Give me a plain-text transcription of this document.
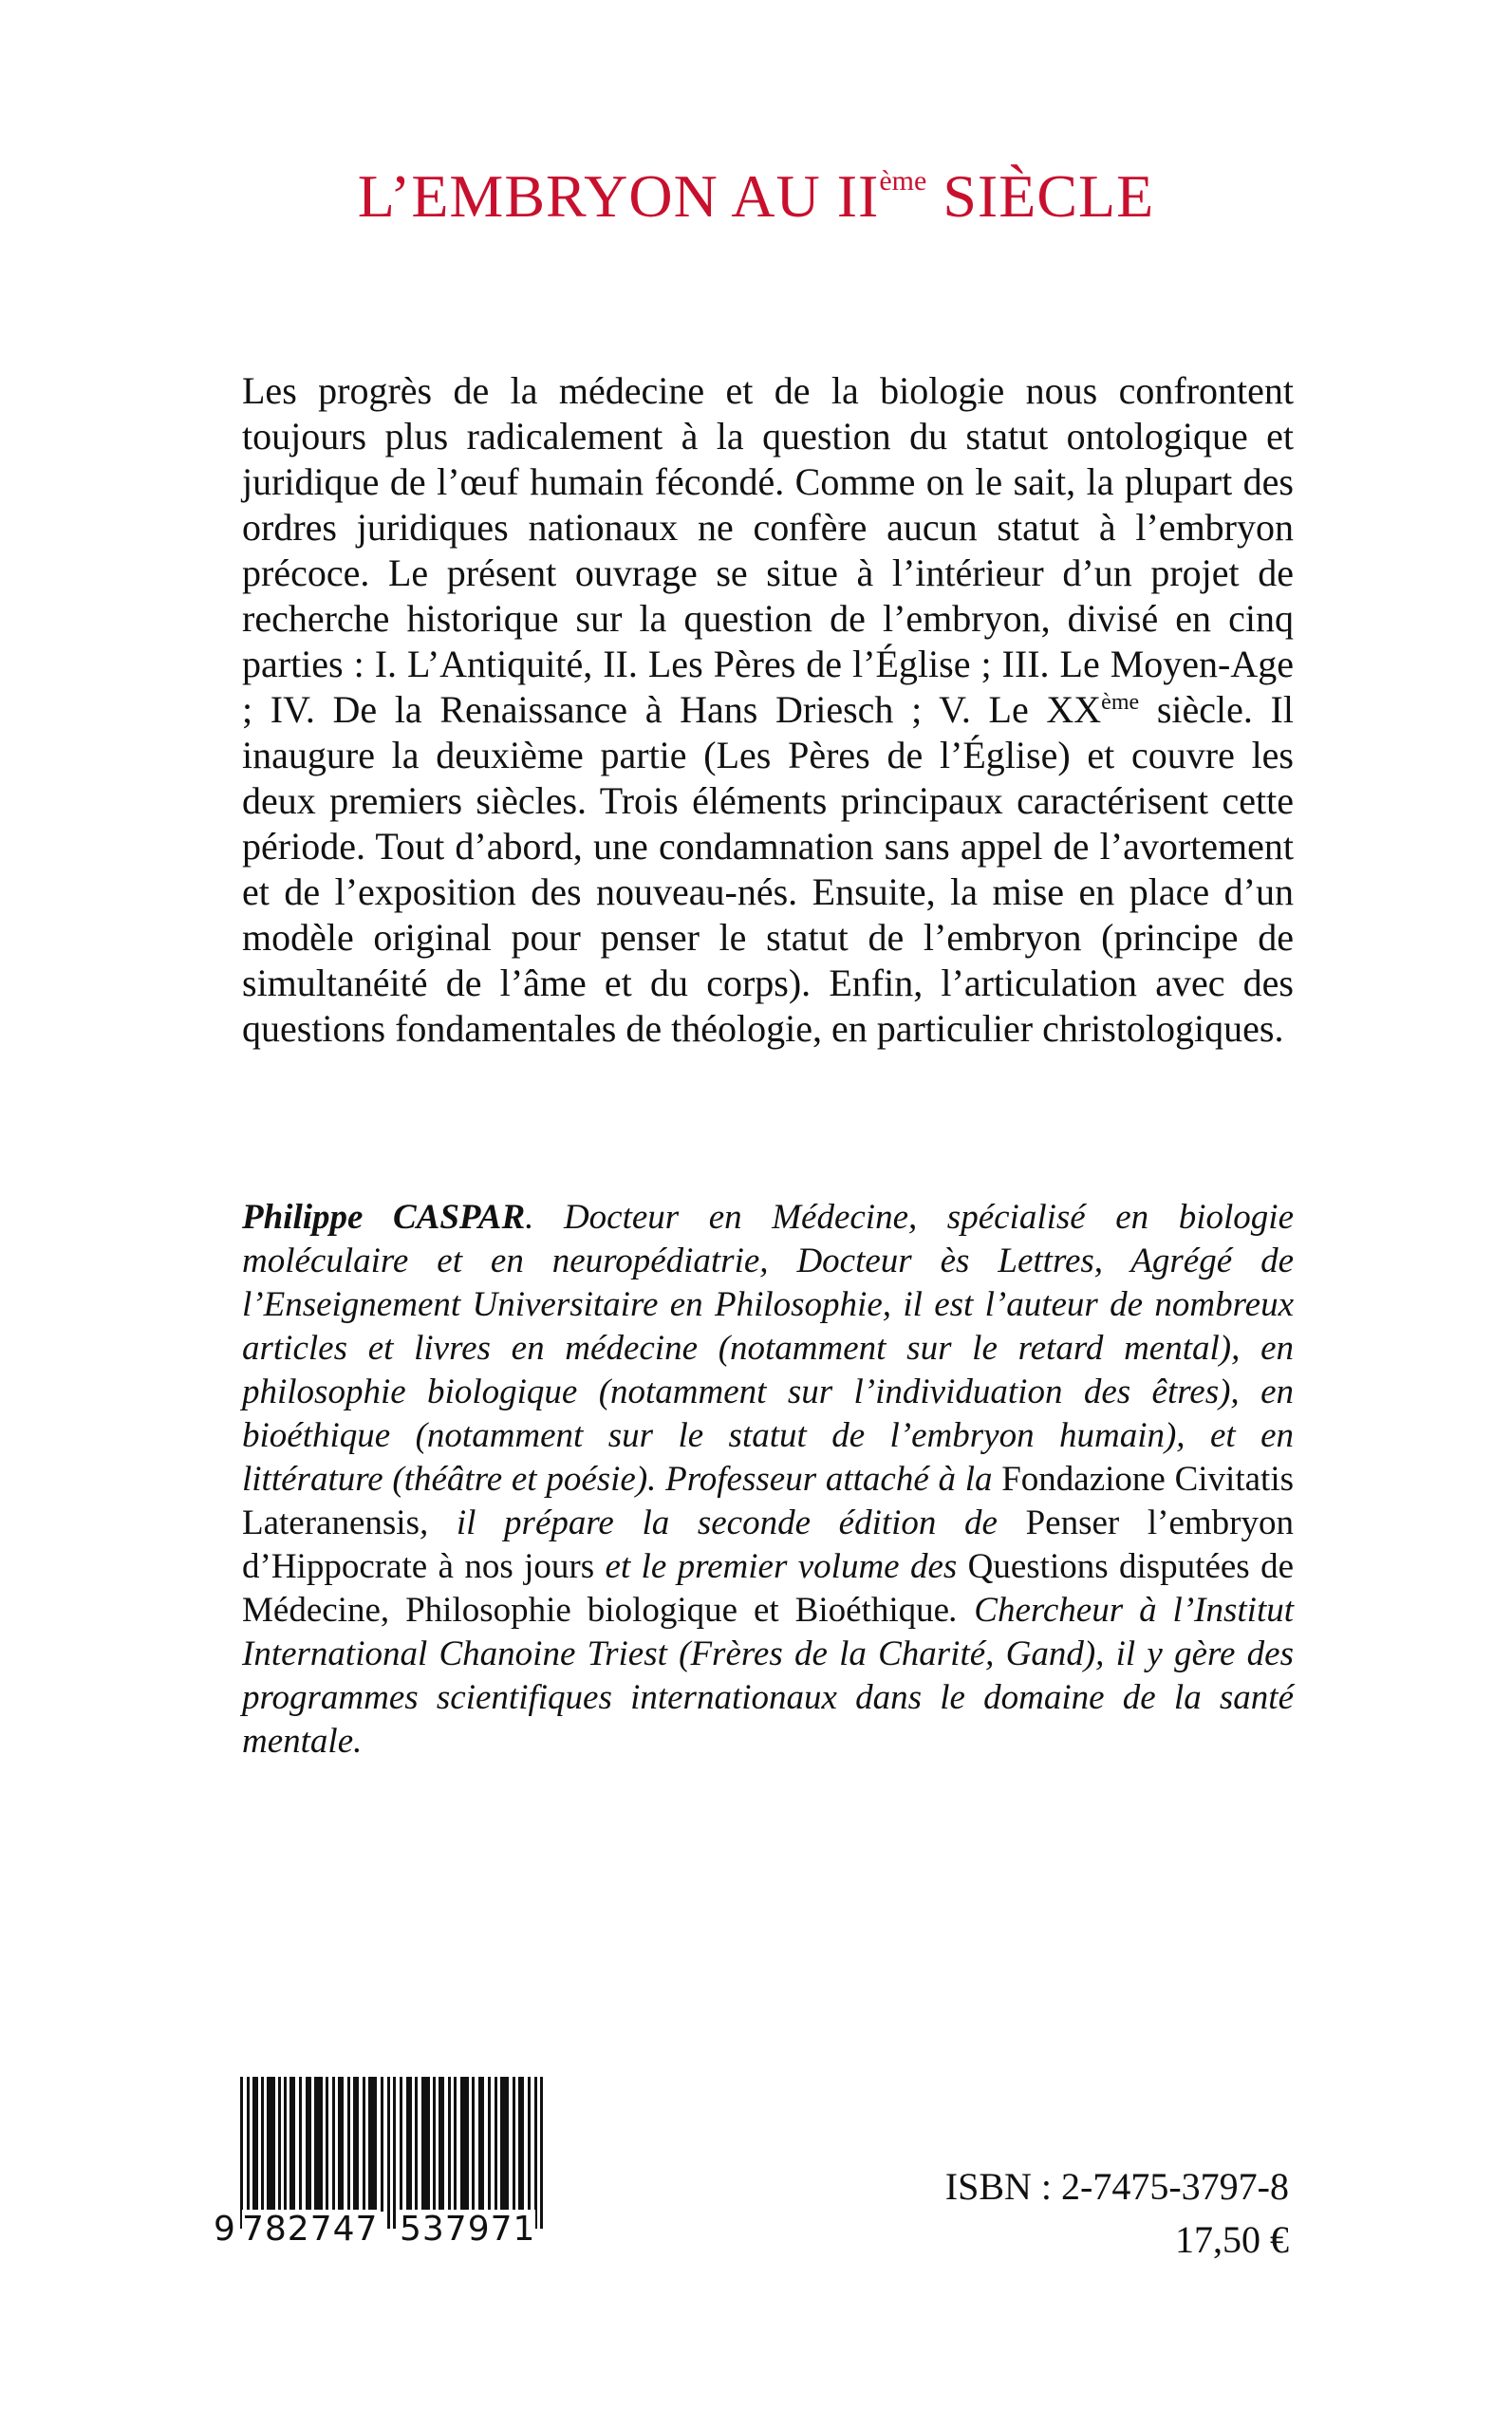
L’EMBRYON AU IIème SIÈCLE

Les progrès de la médecine et de la biologie nous confrontent toujours plus radicalement à la question du statut ontologique et juridique de l’œuf humain fécondé. Comme on le sait, la plupart des ordres juridiques nationaux ne confère aucun statut à l’embryon précoce. Le présent ouvrage se situe à l’intérieur d’un projet de recherche historique sur la question de l’embryon, divisé en cinq parties : I. L’Antiquité, II. Les Pères de l’Église ; III. Le Moyen-Age ; IV. De la Renaissance à Hans Driesch ; V. Le XXème siècle. Il inaugure la deuxième partie (Les Pères de l’Église) et couvre les deux premiers siècles. Trois éléments principaux caractérisent cette période. Tout d’abord, une condamnation sans appel de l’avortement et de l’exposition des nouveau-nés. Ensuite, la mise en place d’un modèle original pour penser le statut de l’embryon (principe de simultanéité de l’âme et du corps). Enfin, l’articulation avec des questions fondamentales de théologie, en particulier christologiques.

Philippe CASPAR. Docteur en Médecine, spécialisé en biologie moléculaire et en neuropédiatrie, Docteur ès Lettres, Agrégé de l’Enseignement Universitaire en Philosophie, il est l’auteur de nombreux articles et livres en médecine (notamment sur le retard mental), en philosophie biologique (notamment sur l’individuation des êtres), en bioéthique (notamment sur le statut de l’embryon humain), et en littérature (théâtre et poésie). Professeur attaché à la Fondazione Civitatis Lateranensis, il prépare la seconde édition de Penser l’embryon d’Hippocrate à nos jours et le premier volume des Questions disputées de Médecine, Philosophie biologique et Bioéthique. Chercheur à l’Institut International Chanoine Triest (Frères de la Charité, Gand), il y gère des programmes scientifiques internationaux dans le domaine de la santé mentale.

9 782747 537971
ISBN : 2-7475-3797-8
17,50 €
